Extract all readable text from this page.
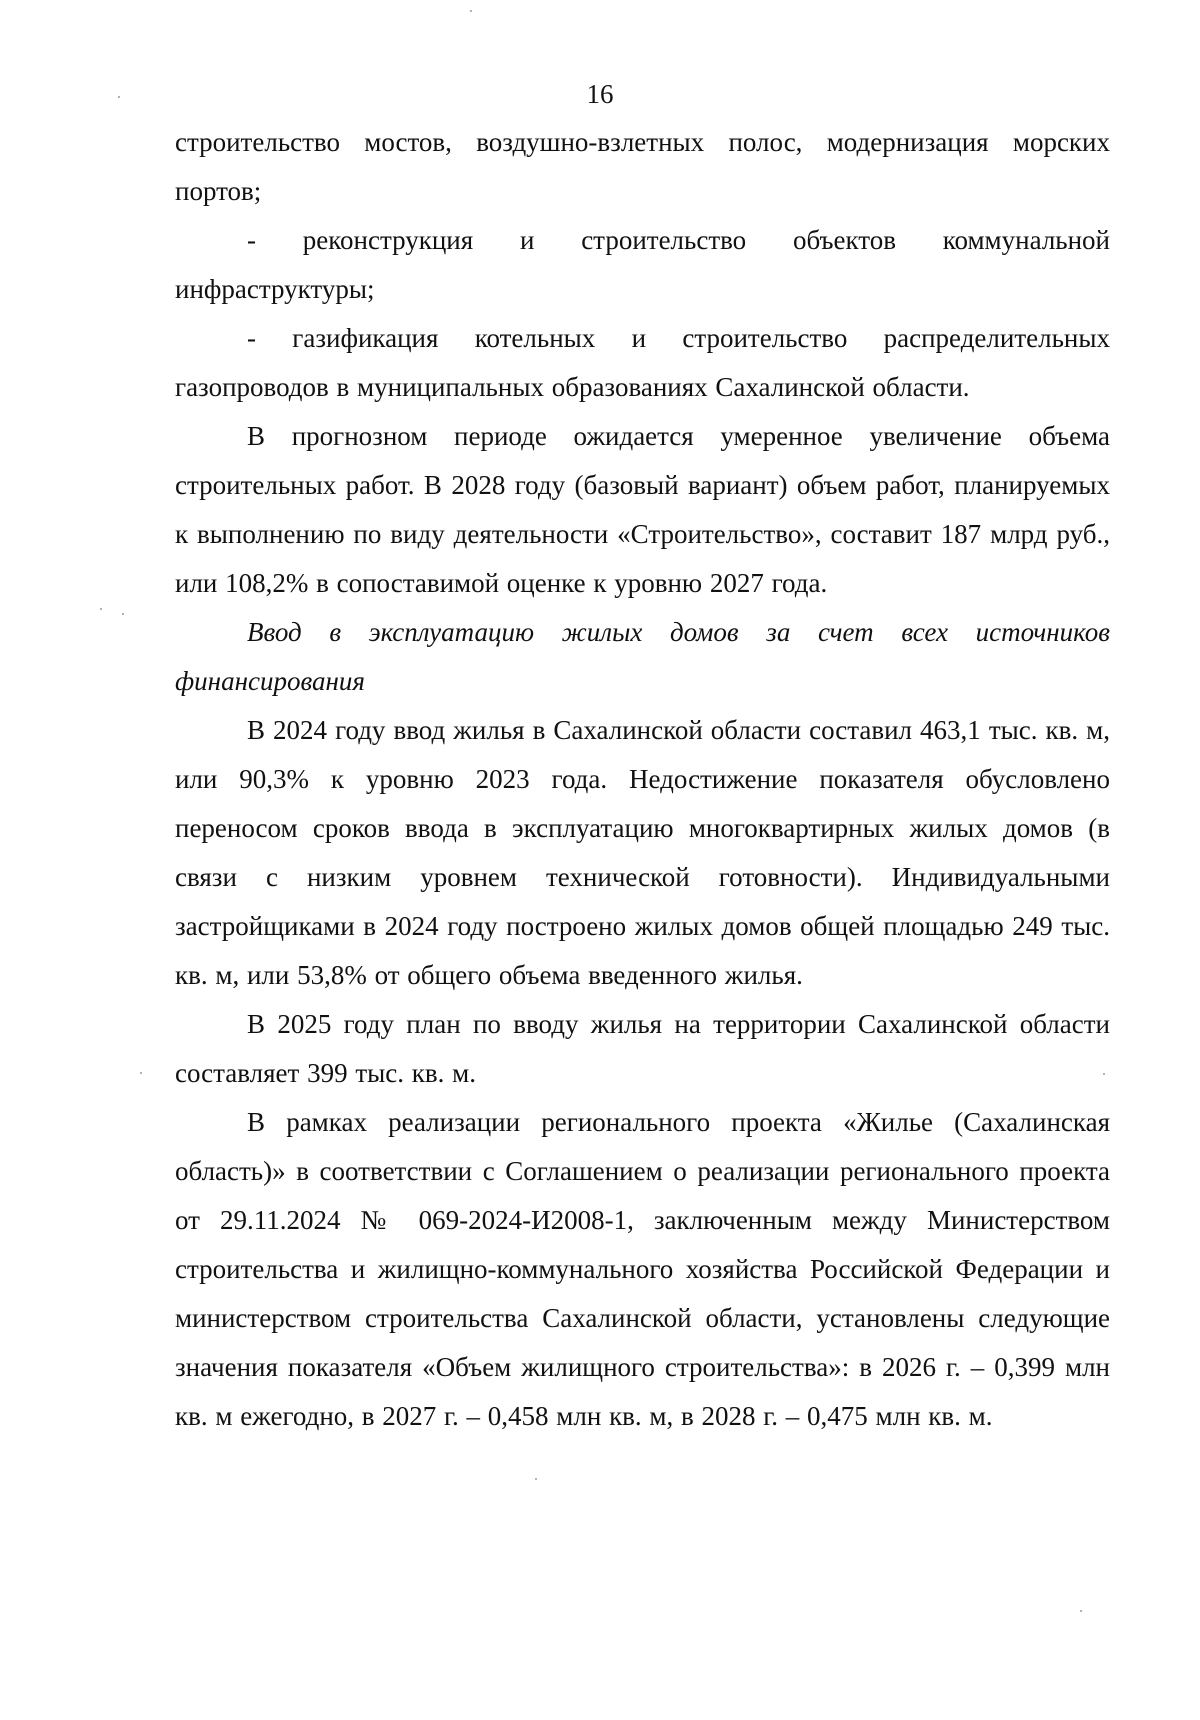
16

строительство мостов, воздушно-взлетных полос, модернизация морских портов;

- реконструкция и строительство объектов коммунальной инфраструктуры;

- газификация котельных и строительство распределительных газопроводов в муниципальных образованиях Сахалинской области.

В прогнозном периоде ожидается умеренное увеличение объема строительных работ. В 2028 году (базовый вариант) объем работ, планируемых к выполнению по виду деятельности «Строительство», составит 187 млрд руб., или 108,2% в сопоставимой оценке к уровню 2027 года.

Ввод в эксплуатацию жилых домов за счет всех источников финансирования

В 2024 году ввод жилья в Сахалинской области составил 463,1 тыс. кв. м, или 90,3% к уровню 2023 года. Недостижение показателя обусловлено переносом сроков ввода в эксплуатацию многоквартирных жилых домов (в связи с низким уровнем технической готовности). Индивидуальными застройщиками в 2024 году построено жилых домов общей площадью 249 тыс. кв. м, или 53,8% от общего объема введенного жилья.

В 2025 году план по вводу жилья на территории Сахалинской области составляет 399 тыс. кв. м.

В рамках реализации регионального проекта «Жилье (Сахалинская область)» в соответствии с Соглашением о реализации регионального проекта от 29.11.2024 № 069-2024-И2008-1, заключенным между Министерством строительства и жилищно-коммунального хозяйства Российской Федерации и министерством строительства Сахалинской области, установлены следующие значения показателя «Объем жилищного строительства»: в 2026 г. – 0,399 млн кв. м ежегодно, в 2027 г. – 0,458 млн кв. м, в 2028 г. – 0,475 млн кв. м.
